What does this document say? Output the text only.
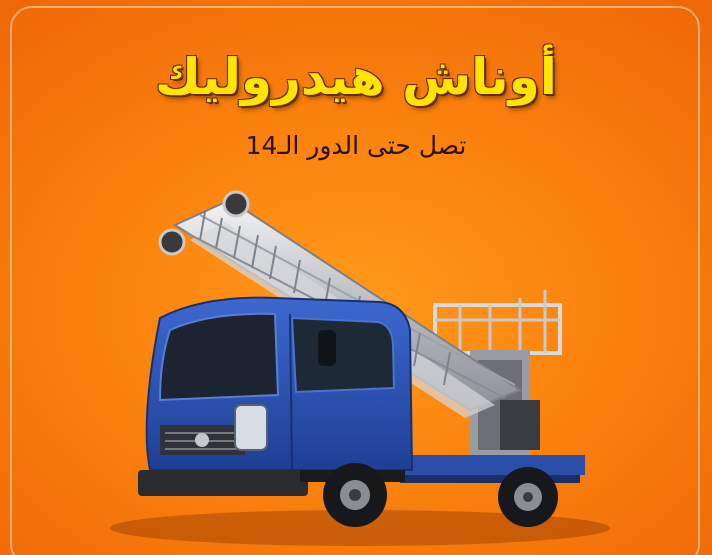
أوناش هيدروليك
تصل حتى الدور الـ14
